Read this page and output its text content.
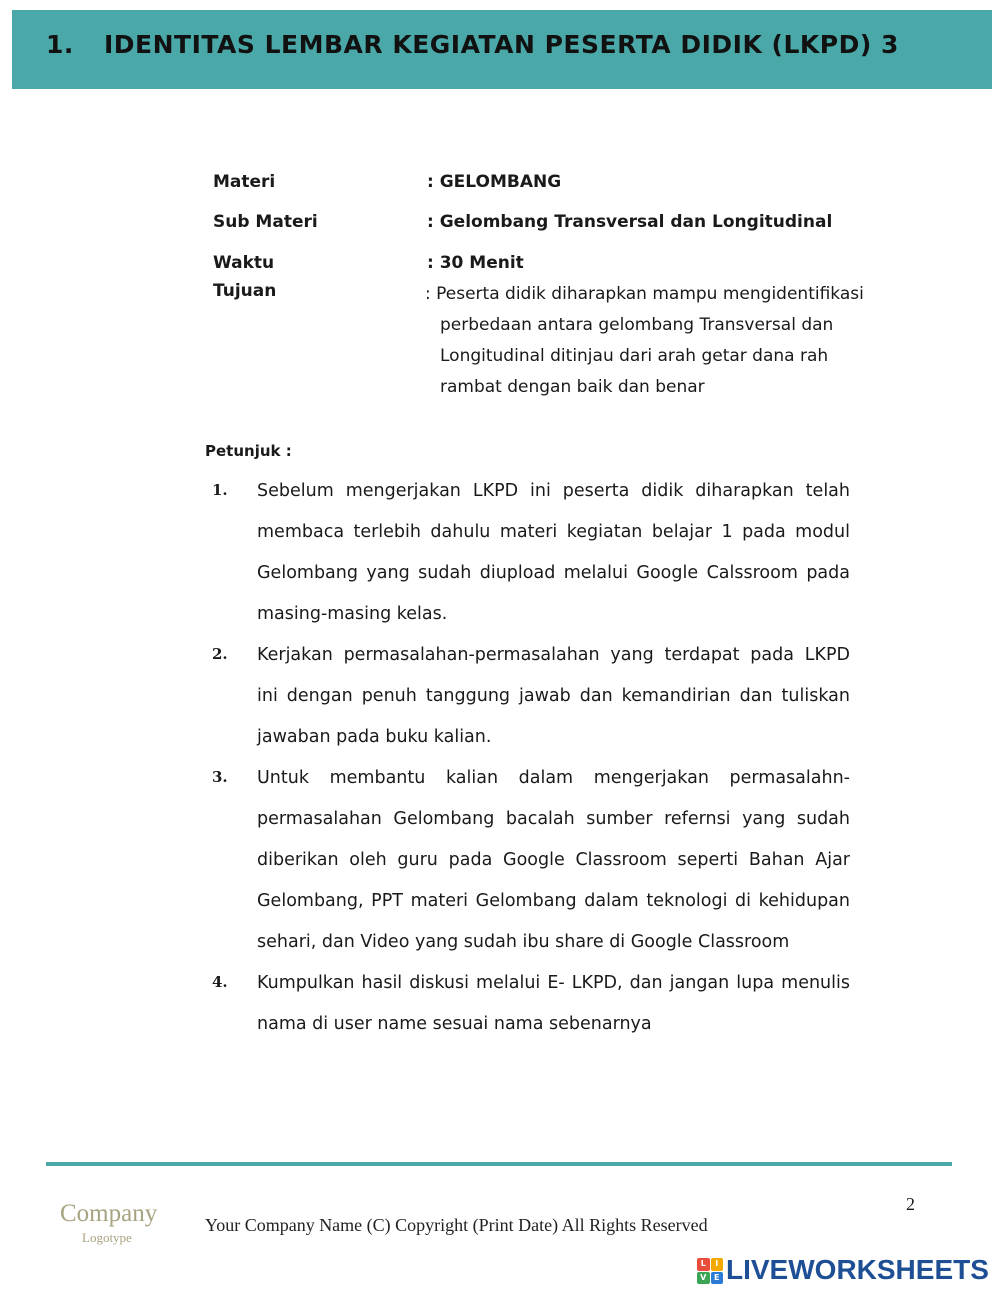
1. IDENTITAS LEMBAR KEGIATAN PESERTA DIDIK (LKPD) 3
Materi	: GELOMBANG
Sub Materi	: Gelombang Transversal dan Longitudinal
Waktu	: 30 Menit
Tujuan	: Peserta didik diharapkan mampu mengidentifikasi
perbedaan antara gelombang Transversal dan
Longitudinal ditinjau dari arah getar dana rah
rambat dengan baik dan benar
Petunjuk :
1. Sebelum mengerjakan LKPD ini peserta didik diharapkan telah membaca terlebih dahulu materi kegiatan belajar 1 pada modul Gelombang yang sudah diupload melalui Google Calssroom pada masing-masing kelas.
2. Kerjakan permasalahan-permasalahan yang terdapat pada LKPD ini dengan penuh tanggung jawab dan kemandirian dan tuliskan jawaban pada buku kalian.
3. Untuk membantu kalian dalam mengerjakan permasalahn-permasalahan Gelombang bacalah sumber refernsi yang sudah diberikan oleh guru pada Google Classroom seperti Bahan Ajar Gelombang, PPT materi Gelombang dalam teknologi di kehidupan sehari, dan Video yang sudah ibu share di Google Classroom
4. Kumpulkan hasil diskusi melalui E- LKPD, dan jangan lupa menulis nama di user name sesuai nama sebenarnya
2
Company
Logotype
Your Company Name (C) Copyright (Print Date) All Rights Reserved
L	I
V E LIVEWORKSHEETS
